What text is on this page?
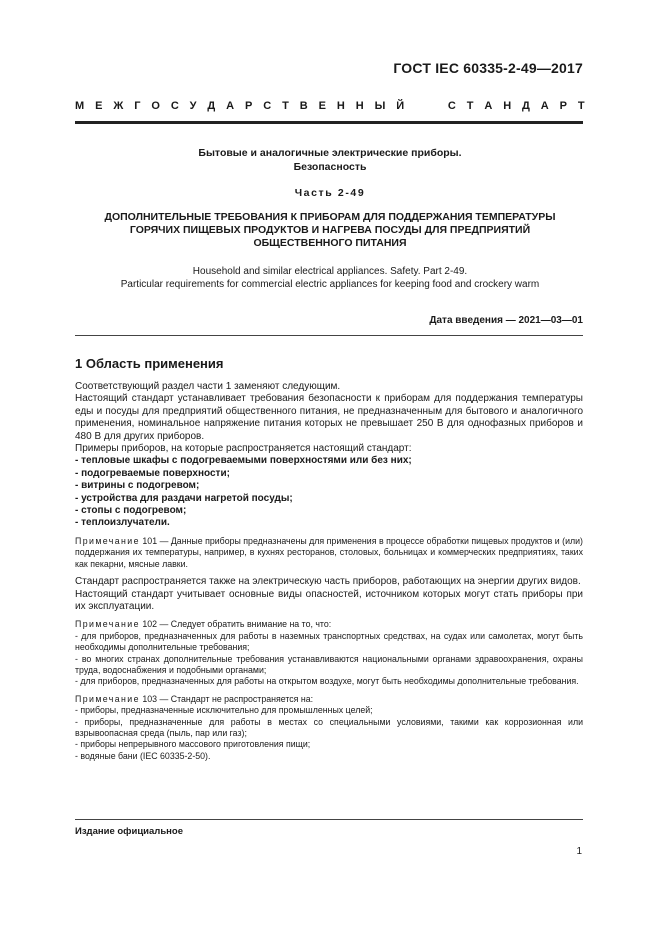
ГОСТ IEC 60335-2-49—2017
М Е Ж Г О С У Д А Р С Т В Е Н Н Ы Й	С Т А Н Д А Р Т
Бытовые и аналогичные электрические приборы.
Безопасность
Часть 2-49
ДОПОЛНИТЕЛЬНЫЕ ТРЕБОВАНИЯ К ПРИБОРАМ ДЛЯ ПОДДЕРЖАНИЯ ТЕМПЕРАТУРЫ
ГОРЯЧИХ ПИЩЕВЫХ ПРОДУКТОВ И НАГРЕВА ПОСУДЫ ДЛЯ ПРЕДПРИЯТИЙ
ОБЩЕСТВЕННОГО ПИТАНИЯ
Household and similar electrical appliances. Safety. Part 2-49.
Particular requirements for commercial electric appliances for keeping food and crockery warm
Дата введения — 2021—03—01
1 Область применения

Соответствующий раздел части 1 заменяют следующим.

Настоящий стандарт устанавливает требования безопасности к приборам для поддержания температуры еды и посуды для предприятий общественного питания, не предназначенным для бытового и аналогичного применения, номинальное напряжение питания которых не превышает 250 В для однофазных приборов и 480 В для других приборов.

Примеры приборов, на которые распространяется настоящий стандарт:

- тепловые шкафы с подогреваемыми поверхностями или без них;

- подогреваемые поверхности;

- витрины с подогревом;

- устройства для раздачи нагретой посуды;

- стопы с подогревом;

- теплоизлучатели.

Примечание 101 — Данные приборы предназначены для применения в процессе обработки пищевых продуктов и (или) поддержания их температуры, например, в кухнях ресторанов, столовых, больницах и коммерческих предприятиях, таких как пекарни, мясные лавки.

Стандарт распространяется также на электрическую часть приборов, работающих на энергии других видов.

Настоящий стандарт учитывает основные виды опасностей, источником которых могут стать приборы при их эксплуатации.

Примечание 102 — Следует обратить внимание на то, что:

- для приборов, предназначенных для работы в наземных транспортных средствах, на судах или самолетах, могут быть необходимы дополнительные требования;

- во многих странах дополнительные требования устанавливаются национальными органами здравоохранения, охраны труда, водоснабжения и подобными органами;

- для приборов, предназначенных для работы на открытом воздухе, могут быть необходимы дополнительные требования.

Примечание 103 — Стандарт не распространяется на:

- приборы, предназначенные исключительно для промышленных целей;

- приборы, предназначенные для работы в местах со специальными условиями, такими как коррозионная или взрывоопасная среда (пыль, пар или газ);

- приборы непрерывного массового приготовления пищи;

- водяные бани (IEC 60335-2-50).

Издание официальное
1
